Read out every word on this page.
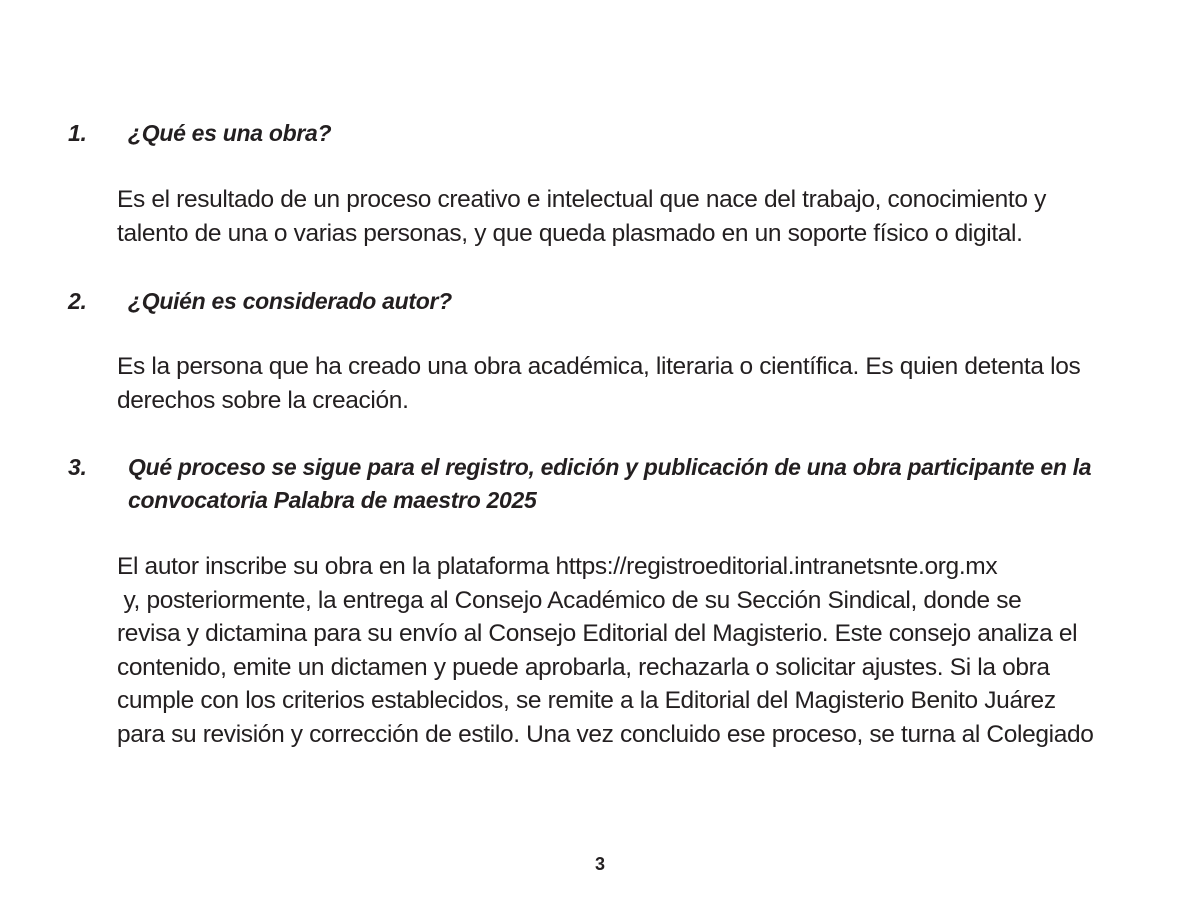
1.	¿Qué es una obra?

Es el resultado de un proceso creativo e intelectual que nace del trabajo, conocimiento y
talento de una o varias personas, y que queda plasmado en un soporte físico o digital.

2.	¿Quién es considerado autor?

Es la persona que ha creado una obra académica, literaria o científica. Es quien detenta los
derechos sobre la creación.

3.	Qué proceso se sigue para el registro, edición y publicación de una obra participante en la convocatoria Palabra de maestro 2025

El autor inscribe su obra en la plataforma https://registroeditorial.intranetsnte.org.mx
y, posteriormente, la entrega al Consejo Académico de su Sección Sindical, donde se
revisa y dictamina para su envío al Consejo Editorial del Magisterio. Este consejo analiza el
contenido, emite un dictamen y puede aprobarla, rechazarla o solicitar ajustes. Si la obra
cumple con los criterios establecidos, se remite a la Editorial del Magisterio Benito Juárez
para su revisión y corrección de estilo. Una vez concluido ese proceso, se turna al Colegiado

3
